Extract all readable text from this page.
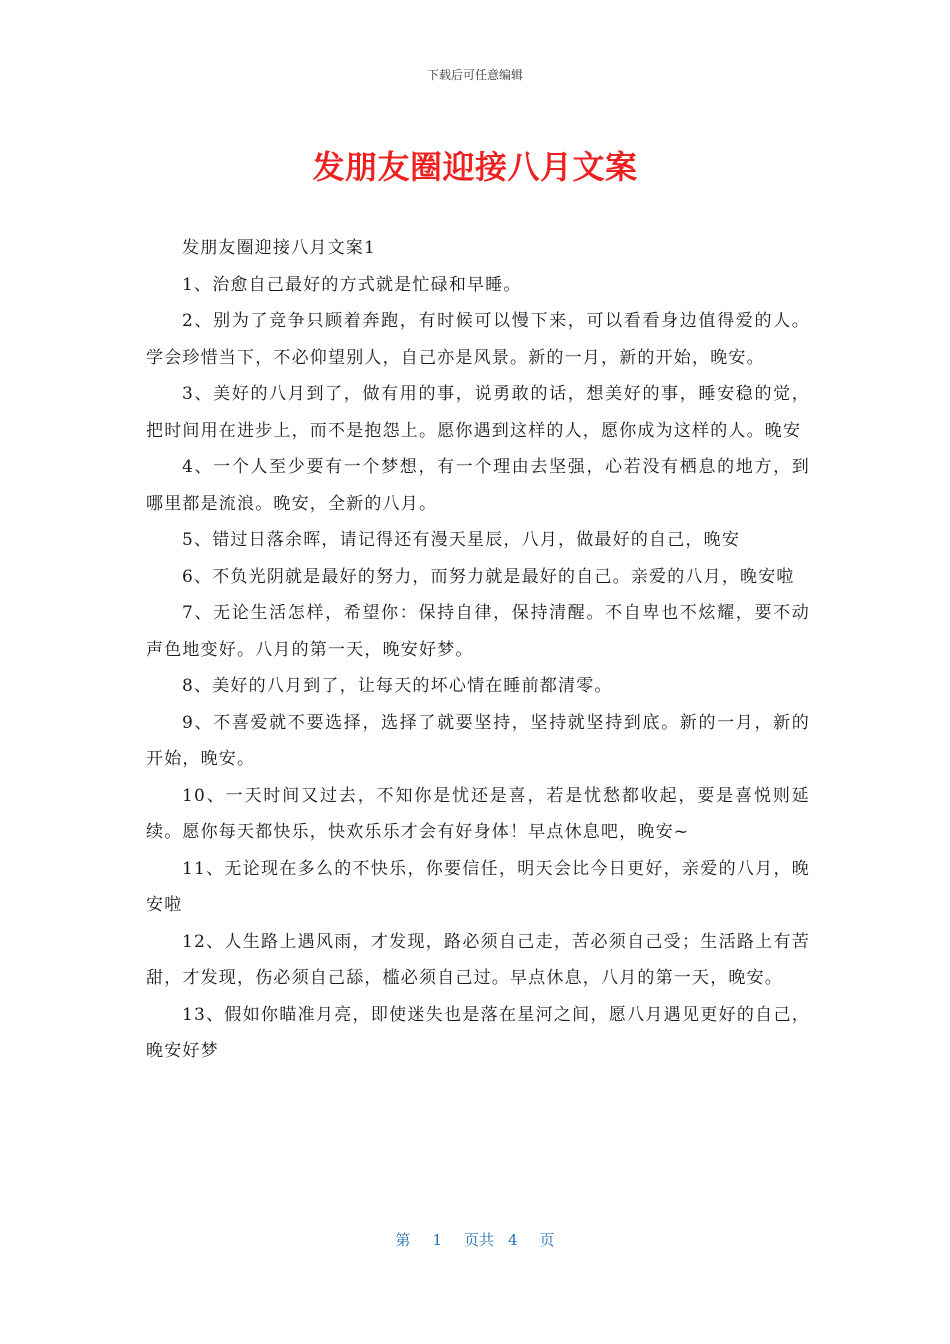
下载后可任意编辑
发朋友圈迎接八月文案

发朋友圈迎接八月文案1

1、治愈自己最好的方式就是忙碌和早睡。

2、别为了竞争只顾着奔跑，有时候可以慢下来，可以看看身边值得爱的人。学会珍惜当下，不必仰望别人，自己亦是风景。新的一月，新的开始，晚安。

3、美好的八月到了，做有用的事，说勇敢的话，想美好的事，睡安稳的觉，把时间用在进步上，而不是抱怨上。愿你遇到这样的人，愿你成为这样的人。晚安

4、一个人至少要有一个梦想，有一个理由去坚强，心若没有栖息的地方，到哪里都是流浪。晚安，全新的八月。

5、错过日落余晖，请记得还有漫天星辰，八月，做最好的自己，晚安

6、不负光阴就是最好的努力，而努力就是最好的自己。亲爱的八月，晚安啦

7、无论生活怎样，希望你：保持自律，保持清醒。不自卑也不炫耀，要不动声色地变好。八月的第一天，晚安好梦。

8、美好的八月到了，让每天的坏心情在睡前都清零。

9、不喜爱就不要选择，选择了就要坚持，坚持就坚持到底。新的一月，新的开始，晚安。

10、一天时间又过去，不知你是忧还是喜，若是忧愁都收起，要是喜悦则延续。愿你每天都快乐，快欢乐乐才会有好身体！早点休息吧，晚安~

11、无论现在多么的不快乐，你要信任，明天会比今日更好，亲爱的八月，晚安啦

12、人生路上遇风雨，才发现，路必须自己走，苦必须自己受；生活路上有苦甜，才发现，伤必须自己舔，槛必须自己过。早点休息，八月的第一天，晚安。

13、假如你瞄准月亮，即使迷失也是落在星河之间，愿八月遇见更好的自己，晚安好梦

第 1 页共 4 页
